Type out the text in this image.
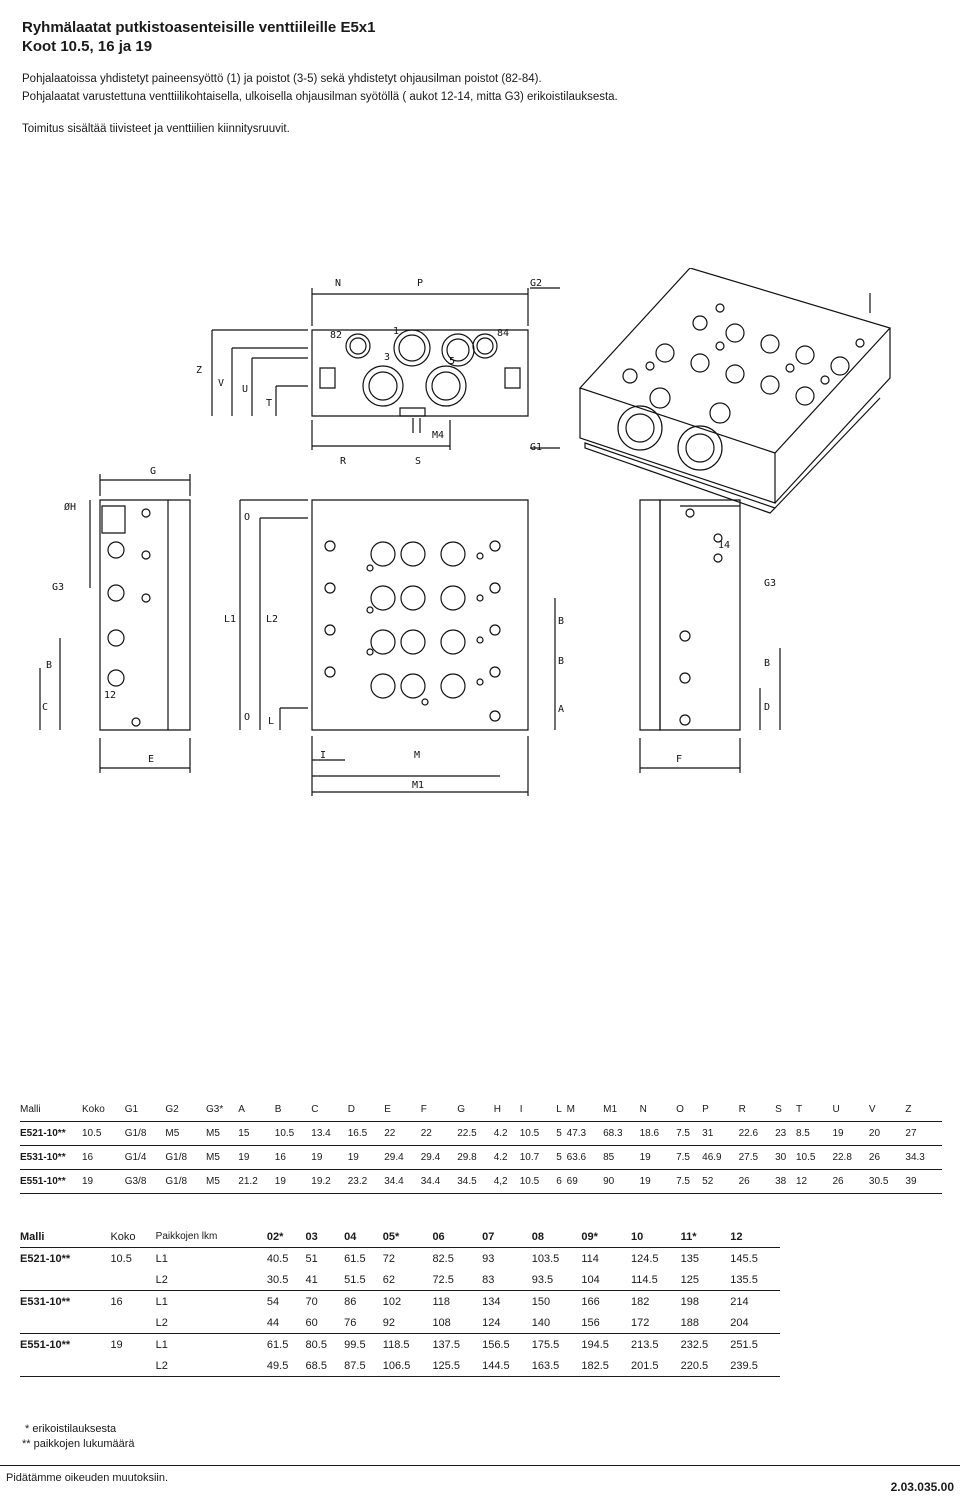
Ryhmälaatat putkistoasenteisille venttiileille E5x1
Koot 10.5, 16 ja 19

Pohjalaatoissa yhdistetyt paineensyöttö (1) ja poistot (3-5) sekä yhdistetyt ohjausilman poistot (82-84).

Pohjalaatat varustettuna venttiilikohtaisella, ulkoisella ohjausilman syötöllä ( aukot 12-14, mitta G3) erikoistilauksesta.

Toimitus sisältää tiivisteet ja venttiilien kiinnitysruuvit.

N	P	G2
82	1	84
3	5
Z
V
U
T
M4
G1
R	S
G
ØH
G3
B
C
12
E
O
L1	L2
O L
I	M
M1
B
B
A
14
G3
B
D
F
Malli	Koko	G1	G2	G3*	A	B	C	D	E	F	G	H	I	L	M	M1	N	O	P	R	S	T	U	V	Z
E521-10**	10.5	G1/8	M5	M5	15	10.5	13.4	16.5	22	22	22.5	4.2	10.5	5	47.3	68.3	18.6	7.5	31	22.6	23	8.5	19	20	27
E531-10**	16	G1/4	G1/8	M5	19	16	19	19	29.4	29.4	29.8	4.2	10.7	5	63.6	85	19	7.5	46.9	27.5	30	10.5	22.8	26	34.3
E551-10**	19	G3/8	G1/8	M5	21.2	19	19.2	23.2	34.4	34.4	34.5	4,2	10.5	6	69	90	19	7.5	52	26	38	12	26	30.5	39
Malli	Koko	Paikkojen lkm	02*	03	04	05*	06	07	08	09*	10	11*	12
E521-10**	10.5	L1	40.5	51	61.5	72	82.5	93	103.5	114	124.5	135	145.5
		L2	30.5	41	51.5	62	72.5	83	93.5	104	114.5	125	135.5
E531-10**	16	L1	54	70	86	102	118	134	150	166	182	198	214
		L2	44	60	76	92	108	124	140	156	172	188	204
E551-10**	19	L1	61.5	80.5	99.5	118.5	137.5	156.5	175.5	194.5	213.5	232.5	251.5
		L2	49.5	68.5	87.5	106.5	125.5	144.5	163.5	182.5	201.5	220.5	239.5
* erikoistilauksesta
** paikkojen lukumäärä
Pidätämme oikeuden muutoksiin.
2.03.035.00
